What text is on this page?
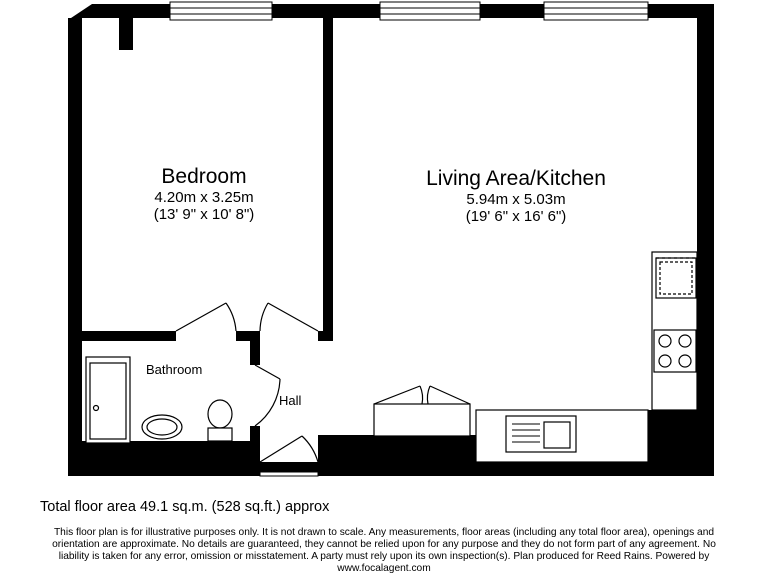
Bedroom
4.20m x 3.25m
(13' 9" x 10' 8")
Living Area/Kitchen
5.94m x 5.03m
(19' 6" x 16' 6")
Bathroom
Hall
Total floor area 49.1 sq.m. (528 sq.ft.) approx
This floor plan is for illustrative purposes only. It is not drawn to scale. Any measurements, floor areas (including any total floor area), openings and
orientation are approximate. No details are guaranteed, they cannot be relied upon for any purpose and they do not form part of any agreement. No
liability is taken for any error, omission or misstatement. A party must rely upon its own inspection(s). Plan produced for Reed Rains. Powered by
www.focalagent.com
